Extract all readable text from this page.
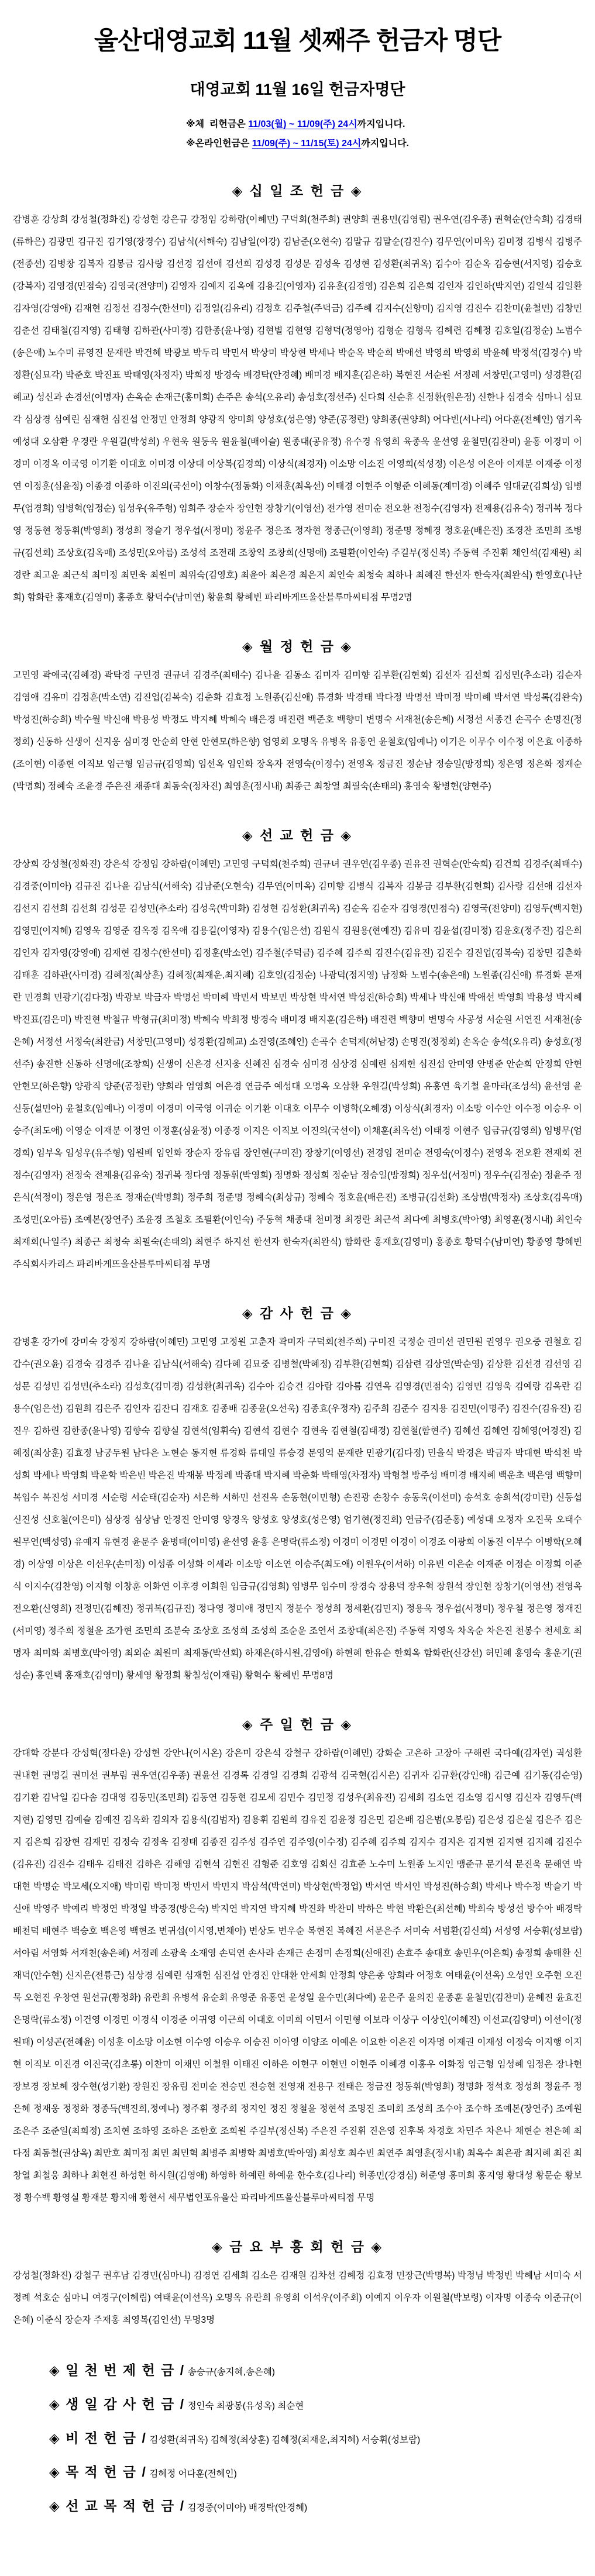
울산대영교회 11월 셋째주 헌금자 명단
대영교회 11월 16일 헌금자명단
※체  리헌금은 11/03(월) ~ 11/09(주) 24시까지입니다.
※온라인헌금은 11/09(주) ~ 11/15(토) 24시까지입니다.
◈ 십 일 조 헌 금 ◈

감병훈 강상희 강성철(정화진) 강성현 강은규 강정임 강하람(이혜민) 구덕회(천주희) 권양희 권용민(김영림) 권우연(김우종) 권혁순(안숙희) 김경태(류하은) 김광민 김규진 김기영(장경수) 김남식(서해숙) 김남일(이강) 김남준(오현숙) 김말규 김말순(김진수) 김무연(이미옥) 김미정 김병식 김병주(전종선) 김병창 김복자 김봉금 김사랑 김선경 김선애 김선희 김성경 김성문 김성욱 김성현 김성환(최귀옥) 김수아 김순옥 김승현(서지영) 김승호(강복자) 김영경(민점숙) 김영국(전양미) 김영자 김예지 김옥애 김용길(이영자) 김유훈(김경영) 김은희 김은희 김인자 김인하(박지연) 김일석 김일환 김자영(강영애) 김재현 김정선 김정수(한선미) 김정일(김유리) 김정호 김주철(주덕금) 김주혜 김지수(신향미) 김지영 김진수 김찬미(윤철민) 김창민 김춘선 김태철(김지영) 김태형 김하관(사미경) 김한종(윤나영) 김현별 김현영 김형덕(정영아) 김형순 김형욱 김혜련 김혜정 김호일(김정순) 노범수(송은애) 노수미 류영진 문재란 박건혜 박광보 박두리 박민서 박상미 박상현 박세나 박순옥 박순희 박애선 박영희 박영회 박윤혜 박정석(김경수) 박정환(심묘각) 박준호 박진표 박태영(차정자) 박희정 방경숙 배경탁(안경혜) 배미경 배지훈(김은하) 복현진 서순원 서정례 서창민(고영미) 성경환(김혜교) 성신과 손경선(이명자) 손옥순 손재근(홍미희) 손주은 송석(오유리) 송성호(정선주) 신다희 신순휴 신정환(원은정) 신한나 심경숙 심마니 심묘각 심상경 심예린 심재헌 심진섭 안정민 안정희 양광직 양미희 양성호(성은영) 양준(공정란) 양희종(권양희) 어다빈(서나리) 어다훈(전혜인) 염기옥 예성대 오삼환 우경란 우원길(박성희) 우현욱 원동욱 원윤철(배이슬) 원종대(공유정) 유수경 유영희 육종욱 윤선영 윤철민(김찬미) 윤홍 이경미 이경미 이경옥 이국영 이기환 이대호 이미경 이상대 이상복(김경희) 이상식(최경자) 이소망 이소진 이영희(석성정) 이은성 이은아 이재분 이재중 이정연 이정훈(심윤정) 이종경 이종하 이진의(국선이) 이창수(정동화) 이채훈(최옥선) 이태경 이현주 이형준 이혜동(계미경) 이혜주 임대균(김희성) 임병무(엄경희) 임병혁(임정순) 임성우(유주형) 임희주 장순자 장인현 장창기(이영선) 전가영 전미순 전오환 전정수(김영자) 전제용(김유숙) 정귀복 정다영 정동현 정동휘(박영희) 정성희 정슬기 정우섭(서정미) 정윤주 정은조 정자현 정종근(이영희) 정준명 정혜경 정호윤(배은진) 조경찬 조민희 조병규(김선회) 조상호(김옥매) 조성민(오아름) 조성석 조전래 조창익 조창희(신명애) 조필환(이인숙) 주길부(정신복) 주동혁 주진휘 채인석(김재원) 최경란 최고운 최근석 최미정 최민욱 최원미 최위숙(김영호) 최윤아 최은경 최은지 최인숙 최청숙 최하나 최혜진 한선자 한숙자(최완식) 한영호(나난희) 함화란 홍재호(김영미) 홍종호 황덕수(남미연) 황윤희 황혜빈 파리바게뜨울산블루마씨티점 무명2명

◈ 월 정 헌 금 ◈

고민영 곽애국(김혜경) 곽탁경 구민경 권규녀 김경주(최태수) 김나윤 김동소 김미자 김미향 김부환(김현회) 김선자 김선희 김성민(추소라) 김순자 김영애 김유미 김정훈(박소연) 김진업(김복숙) 김춘화 김효정 노원종(김신애) 류경화 박경태 박다정 박명선 박미정 박미혜 박서연 박성록(김완숙) 박성진(하승희) 박수월 박신애 박용성 박정도 박지혜 박혜숙 배은경 배진련 백준호 백향미 변명숙 서재천(송은혜) 서정선 서종건 손곡수 손명진(정정회) 신동하 신생이 신지웅 심미경 안순회 안현 안현모(하은향) 엄영회 오명옥 유병옥 유홍연 윤철호(임예나) 이기은 이무수 이수정 이은효 이종하(조이현) 이종현 이직보 임근형 임금규(김영희) 임선옥 임인화 장옥자 전영숙(이정수) 전영옥 정금진 정순남 정승일(방정희) 정은영 정은화 정재순(박명희) 정혜숙 조윤경 주은진 채종대 최동숙(정차진) 최영훈(정시내) 최종근 최창열 최필숙(손태의) 홍영숙 황병헌(양현주)

◈ 선 교 헌 금 ◈

강상희 강성철(정화진) 강은석 강정임 강하람(이혜민) 고민영 구덕회(천주희) 권규녀 권우연(김우종) 권유진 권혁순(안숙희) 김건희 김경주(최태수) 김경중(이미아) 김규진 김나윤 김남식(서해숙) 김남준(오현숙) 김무연(이미옥) 김미향 김병식 김복자 김봉금 김부환(김현희) 김사랑 김선애 김선자 김선지 김선희 김선희 김성문 김성민(추소라) 김성욱(박미화) 김성현 김성환(최귀옥) 김순옥 김순자 김영경(민점숙) 김영국(전양미) 김영두(백지현) 김영민(이지혜) 김영욱 김영준 김옥경 김옥애 김용길(이영자) 김용수(임은선) 김원식 김원용(현예진) 김유미 김윤섭(김미정) 김윤호(정주진) 김은희 김인자 김자영(강영애) 김재현 김정수(한선미) 김정훈(박소연) 김주철(주덕금) 김주혜 김주희 김진수(김유진) 김진수 김진업(김복숙) 김창민 김춘화 김태훈 김하관(사미경) 김혜정(최상훈) 김혜정(최재운,최지혜) 김호일(김정순) 나광덕(정지영) 남정화 노범수(송은애) 노원종(김신애) 류경화 문재란 민경희 민광기(김다정) 박광보 박금자 박명선 박미혜 박민서 박보민 박상현 박서연 박성진(하승희) 박세나 박신애 박애선 박영희 박용성 박지혜 박진표(김은미) 박진현 박철규 박형규(최미정) 박혜숙 박희정 방경숙 배미경 배지훈(김은하) 배진련 백향미 변명숙 사공성 서순원 서연진 서재천(송은혜) 서정선 서정숙(최완금) 서창민(고영미) 성경환(김혜교) 소진영(조혜인) 손곡수 손덕제(허남경) 손명진(정정회) 손옥순 송석(오유리) 송성호(정선주) 송진한 신동하 신명애(조창희) 신생이 신은경 신지웅 신혜진 심경숙 심미경 심상경 심예린 심재헌 심진섭 안미영 안병준 안순희 안정희 안현 안현모(하은향) 양광직 양준(공정란) 양희라 엄영희 여은경 연금주 예성대 오명옥 오삼환 우원길(박성희) 유홍연 육기철 윤마라(조성석) 윤선영 윤신동(설민아) 윤철호(임예나) 이경미 이경미 이국영 이귀순 이기환 이대호 이무수 이병학(오혜경) 이상식(최경자) 이소망 이수안 이수정 이승우 이승주(최도애) 이영순 이재분 이정연 이정훈(심윤정) 이종경 이지은 이직보 이진의(국선이) 이채훈(최옥선) 이태경 이현주 임금규(김영희) 임병무(엄경희) 임부옥 임성우(유주형) 임원배 임인화 장순자 장유림 장인현(구미진) 장창기(이영선) 전경임 전미순 전영숙(이정수) 전영옥 전오환 전재회 전정수(김영자) 전정숙 전제용(김유숙) 정귀복 정다영 정동휘(박영희) 정명화 정성희 정순남 정승일(방정희) 정우섭(서정미) 정우수(김정순) 정윤주 정은식(석정이) 정은영 정은조 정재순(박명희) 정주희 정준명 정혜숙(최상규) 정혜숙 정호윤(배은진) 조병규(김선화) 조상범(박정자) 조상호(김옥매) 조성민(오아름) 조예본(장연주) 조윤경 조철호 조필환(이인숙) 주동혁 채종대 천미정 최경란 최근석 최다예 최병호(박아영) 최영훈(정시내) 최인숙 최재회(나일주) 최종근 최청숙 최필숙(손태의) 최현주 하지선 한선자 한숙자(최완식) 함화란 홍재호(김영미) 홍종호 황덕수(남미연) 황종영 황혜빈 주식회사카리스 파리바게뜨울산블루마씨티점 무명

◈ 감 사 헌 금 ◈

감병훈 강가에 강미숙 강정지 강하람(이혜민) 고민영 고정원 고춘자 곽미자 구덕회(천주희) 구미진 국정순 권미선 권민원 권영우 권오중 권철호 김갑수(권오윤) 김경숙 김경주 김나윤 김남식(서해숙) 김다혜 김묘중 김병철(박혜정) 김부환(김현희) 김삼련 김상열(박순영) 김상환 김선경 김선영 김성문 김성민 김성민(추소라) 김성호(김미경) 김성환(최귀옥) 김수아 김승건 김아람 김아름 김연옥 김영경(민점숙) 김영민 김영욱 김예랑 김옥란 김용수(임은선) 김원희 김은주 김인자 김잔디 김재호 김종배 김종윤(오선욱) 김종효(우정자) 김주희 김준수 김지용 김진민(이명주) 김진수(김유진) 김진우 김하린 김한종(윤나영) 김향숙 김향실 김현석(임휘숙) 김현석 김현수 김현욱 김현철(김태경) 김현철(함현주) 김혜선 김혜연 김혜영(어경진) 김혜정(최상훈) 김효정 남궁두원 남다은 노현순 동지현 류경화 류대일 류승경 문영억 문재란 민광기(김다정) 민을식 박경은 박금자 박대현 박석천 박성희 박세나 박영희 박운학 박은빈 박은진 박재봉 박정례 박종대 박지혜 박춘화 박태영(차정자) 박형철 방주성 배미경 배지혜 백운초 백은영 백향미 복임수 복진성 서미경 서순령 서순태(김순자) 서은하 서하민 선진옥 손동현(이민형) 손진광 손창수 송동욱(이선미) 송석호 송희석(강미란) 신동섭 신진성 신호철(이은미) 심상경 심상남 안경진 안미영 양경옥 양성호 양성호(성은영) 엄기현(정진회) 연금주(김준홍) 예성대 오정자 오진묵 오태수 원무연(백성영) 유예지 유현경 윤문주 윤병태(이미영) 윤선영 윤홍 은명락(류소정) 이경미 이경민 이경이 이경조 이광희 이동진 이무수 이병학(오혜경) 이상영 이상은 이선우(손미정) 이성종 이성화 이세라 이소망 이소연 이승주(최도애) 이원우(이서하) 이유빈 이은순 이재준 이정순 이정희 이준식 이지수(김찬영) 이지형 이창훈 이화연 이후경 이희원 임금규(김영희) 임병무 임수미 장경숙 장용덕 장우혁 장원석 장인현 장창기(이영선) 전영옥 전오환(신영희) 전정민(김혜진) 정귀복(김규진) 정다영 정미애 정민지 정분수 정성희 정세환(김민지) 정용욱 정우섭(서정미) 정우철 정은영 정재진(서미영) 정주희 정철윤 조가현 조민희 조분숙 조상호 조성희 조성희 조순운 조연서 조창대(최은진) 주동혁 지영옥 차옥순 차은진 천봉수 천세호 최명자 최미화 최병호(박아영) 최외순 최원미 최재동(박선회) 하채은(하시원,김영애) 하현혜 한유순 한회옥 함화란(신강선) 허민혜 홍영숙 홍운기(권성순) 홍인택 홍재호(김영미) 황세영 황정희 황칠성(이재림) 황혁수 황혜빈 무명8명

◈ 주 일 헌 금 ◈

강대학 강분다 강성혁(정다운) 강성현 강안나(이시온) 강은미 강은석 강철구 강하람(이혜민) 강화순 고은하 고장아 구해린 국다예(김자연) 궉성환 권내현 권명길 권미선 권부림 권우연(김우종) 권윤선 김경록 김경일 김경희 김광석 김국현(김시은) 김귀자 김규환(강인애) 김근예 김기동(김순영) 김기환 김낙일 김다솜 김대영 김동민(조민희) 김동연 김동현 김모세 김민수 김민정 김성우(최유진) 김세회 김소연 김소영 김시영 김신자 김영두(백지현) 김영민 김예슬 김예진 김옥화 김외자 김용식(김범자) 김용휘 김원희 김유진 김윤정 김은민 김은배 김은범(오봉림) 김은성 김은실 김은주 김은지 김은희 김장현 김재민 김정숙 김정욱 김정태 김종진 김주성 김주연 김주영(이수정) 김주혜 김주희 김지수 김지은 김지현 김지현 김지혜 김진수(김유진) 김진수 김태우 김태진 김하은 김해영 김현석 김현진 김형준 김호영 김회신 김효준 노수미 노원종 노지인 맹준규 문기석 문진욱 문해연 박대현 박명순 박모세(오지애) 박미림 박미정 박민서 박민지 박삼석(박연미) 박상현(박정업) 박서연 박서인 박성진(하승희) 박세나 박수정 박슬기 박신애 박영주 박예리 박정연 박정일 박중경(방은숙) 박지연 박지연 박지혜 박진화 박찬미 박하은 박현 박환은(최선혜) 박희숙 방성선 방수아 배경탁 배천덕 배현주 백승호 백은영 백현조 변귀섭(이시영,변채아) 변상도 변우순 복현진 복혜진 서문은주 서미숙 서범환(김신희) 서성영 서승휘(성보람) 서아림 서영화 서재천(송은혜) 서정례 소광욱 소재영 손덕연 손사라 손재근 손정미 손정희(신애진) 손효주 송대호 송민우(이은희) 송정희 송태환 신재덕(안수현) 신지은(전륭근) 심상경 심예린 심재헌 심진섭 안경진 안대환 안세희 안정희 양은총 양희라 어정호 여태윤(이선옥) 오성인 오주현 오진묵 오현진 우창연 원선규(황정화) 유란희 유병석 유순회 유영준 유홍연 윤성일 윤수민(최다예) 윤은주 윤의진 윤종훈 윤철민(김찬미) 윤혜진 윤효진 은명락(류소정) 이건영 이경민 이경식 이경준 이귀영 이근희 이대호 이미희 이민서 이민형 이보라 이상구 이상인(이혜진) 이선교(김양미) 이선이(정원태) 이성곤(전혜윤) 이성훈 이소망 이소현 이수영 이승우 이승진 이아영 이양조 이예은 이요한 이은진 이자명 이재권 이재성 이정숙 이지행 이지현 이직보 이진경 이진국(김초롱) 이찬미 이채민 이철원 이태진 이하은 이현구 이현민 이현주 이혜경 이홍우 이화정 임근형 임성혜 임정은 장나현 장보경 장보혜 장수현(성기환) 장원진 장유림 전미순 전승민 전승현 전영재 전용구 전태은 정금진 정동휘(박영희) 정명화 정석호 정성희 정윤주 정은혜 정재웅 정정화 정종득(백진희,정예나) 정주휘 정주회 정지인 정진 정철윤 정현석 조명진 조미회 조성희 조수아 조수하 조예본(장연주) 조예원 조은주 조준일(최희정) 조치현 조하영 조하은 조한호 조희원 주길부(정신복) 주은진 주진휘 진은영 진후복 차경호 차민주 차은나 채현순 천은혜 최다정 최동철(권상옥) 최만호 최미정 최민 최민혁 최병주 최병학 최병호(박아영) 최성호 최수빈 최연주 최영훈(정시내) 최옥수 최은광 최지혜 최진 최창열 최철웅 최하나 최현진 하성현 하시원(김영애) 하영하 하예린 하예윤 한수호(김나리) 허종민(강경심) 허준영 홍미희 홍지영 황대성 황문순 황보정 황수백 황영실 황재분 황지애 황현서 세무법인포유울산 파리바게뜨울산블루마씨티점 무명

◈ 금 요 부 흥 회 헌 금 ◈

강성철(정화진) 강철구 권후남 김경민(심마니) 김경연 김세희 김소은 김재원 김차선 김혜정 김효정 민장근(박명복) 박정님 박정빈 박혜남 서미숙 서정례 석호순 심마니 여경구(이혜림) 여태윤(이선옥) 오명옥 유란희 유영회 이석우(이주회) 이예지 이우자 이원철(박보령) 이자명 이종숙 이준규(이은혜) 이준식 장순자 주재홍 최영복(김인선) 무명3명

◈ 일 천 번 제 헌 금 / 송승규(송지혜,송은혜)
◈ 생 일 감 사 헌 금 / 정인숙 최광봉(유성옥) 최순현
◈ 비 전 헌 금 / 김성환(최귀옥) 김혜정(최상훈) 김혜정(최재운,최지혜) 서승휘(성보람)
◈ 목 적 헌 금 / 김혜정 어다훈(전혜인)
◈ 선 교 목 적 헌 금 / 김경중(이미아) 배경탁(안경혜)
